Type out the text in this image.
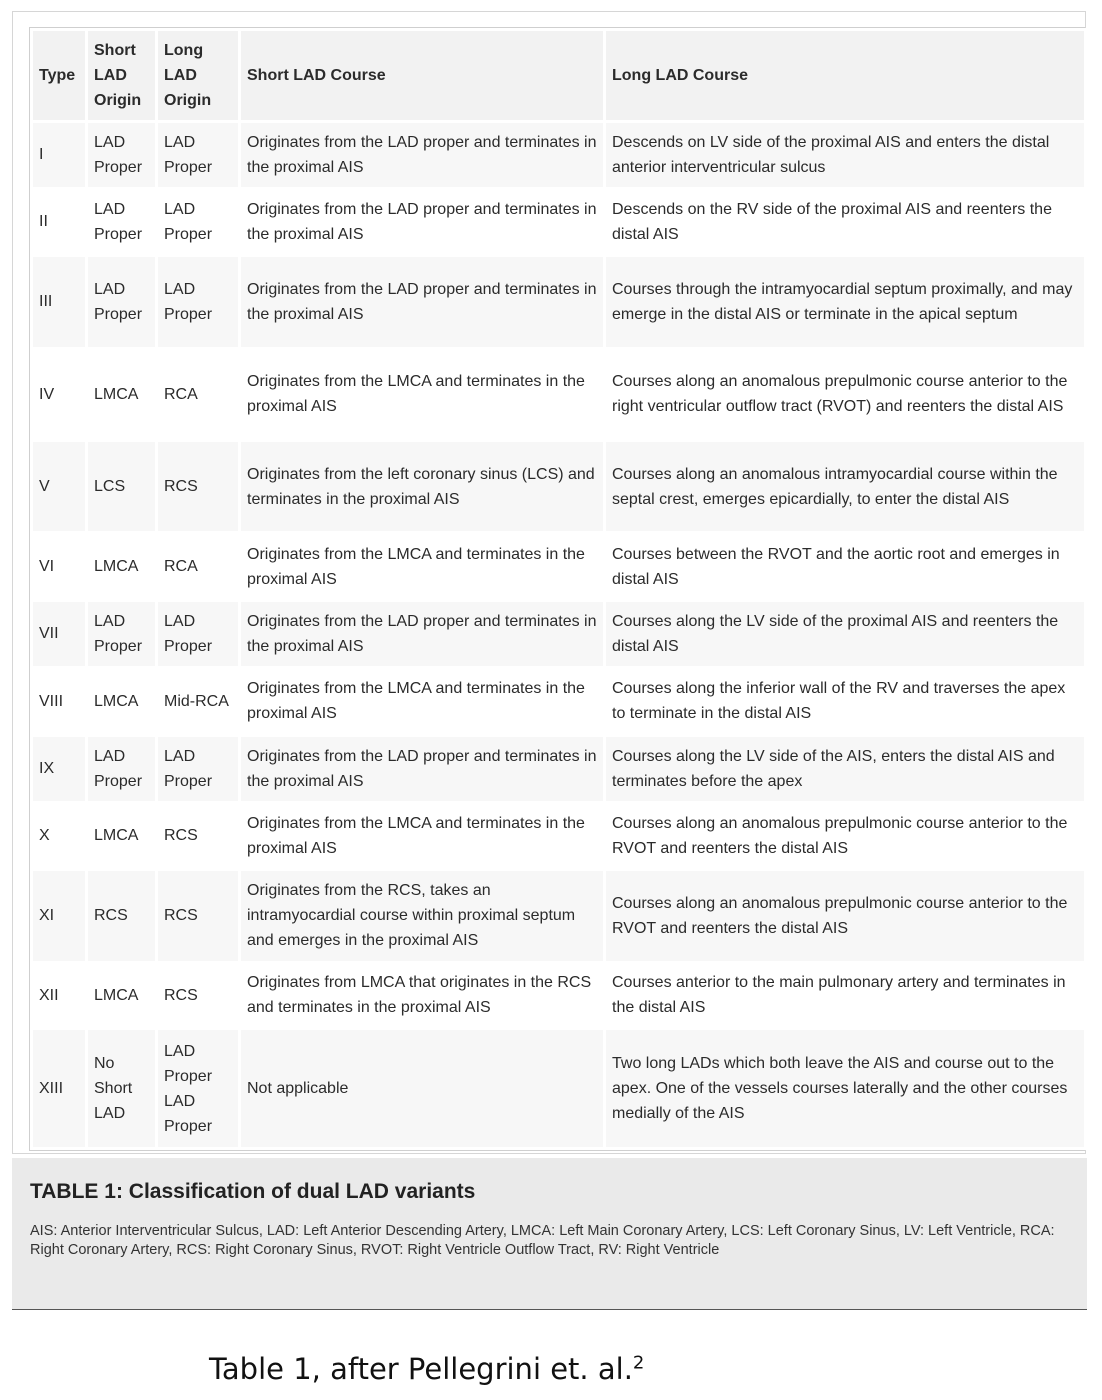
Type	Short LAD Origin	Long LAD Origin	Short LAD Course	Long LAD Course
I	LAD Proper	LAD Proper	Originates from the LAD proper and terminates in the proximal AIS	Descends on LV side of the proximal AIS and enters the distal anterior interventricular sulcus
II	LAD Proper	LAD Proper	Originates from the LAD proper and terminates in the proximal AIS	Descends on the RV side of the proximal AIS and reenters the distal AIS
III	LAD Proper	LAD Proper	Originates from the LAD proper and terminates in the proximal AIS	Courses through the intramyocardial septum proximally, and may emerge in the distal AIS or terminate in the apical septum
IV	LMCA	RCA	Originates from the LMCA and terminates in the proximal AIS	Courses along an anomalous prepulmonic course anterior to the right ventricular outflow tract (RVOT) and reenters the distal AIS
V	LCS	RCS	Originates from the left coronary sinus (LCS) and terminates in the proximal AIS	Courses along an anomalous intramyocardial course within the septal crest, emerges epicardially, to enter the distal AIS
VI	LMCA	RCA	Originates from the LMCA and terminates in the proximal AIS	Courses between the RVOT and the aortic root and emerges in distal AIS
VII	LAD Proper	LAD Proper	Originates from the LAD proper and terminates in the proximal AIS	Courses along the LV side of the proximal AIS and reenters the distal AIS
VIII	LMCA	Mid-RCA	Originates from the LMCA and terminates in the proximal AIS	Courses along the inferior wall of the RV and traverses the apex to terminate in the distal AIS
IX	LAD Proper	LAD Proper	Originates from the LAD proper and terminates in the proximal AIS	Courses along the LV side of the AIS, enters the distal AIS and terminates before the apex
X	LMCA	RCS	Originates from the LMCA and terminates in the proximal AIS	Courses along an anomalous prepulmonic course anterior to the RVOT and reenters the distal AIS
XI	RCS	RCS	Originates from the RCS, takes an intramyocardial course within proximal septum and emerges in the proximal AIS	Courses along an anomalous prepulmonic course anterior to the RVOT and reenters the distal AIS
XII	LMCA	RCS	Originates from LMCA that originates in the RCS and terminates in the proximal AIS	Courses anterior to the main pulmonary artery and terminates in the distal AIS
XIII	No Short LAD	LAD Proper LAD Proper	Not applicable	Two long LADs which both leave the AIS and course out to the apex. One of the vessels courses laterally and the other courses medially of the AIS
TABLE 1: Classification of dual LAD variants
AIS: Anterior Interventricular Sulcus, LAD: Left Anterior Descending Artery, LMCA: Left Main Coronary Artery, LCS: Left Coronary Sinus, LV: Left Ventricle, RCA: Right Coronary Artery, RCS: Right Coronary Sinus, RVOT: Right Ventricle Outflow Tract, RV: Right Ventricle
Table 1, after Pellegrini et. al.$^2$
